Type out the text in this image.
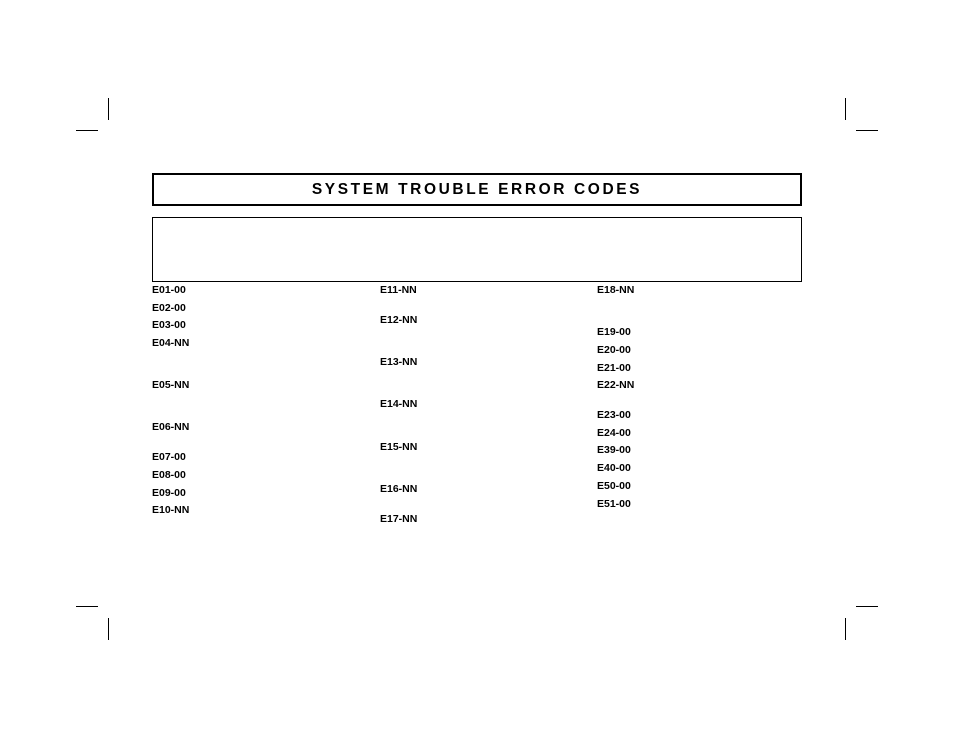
SYSTEM TROUBLE ERROR CODES
E01-00
E02-00
E03-00
E04-NN
E05-NN
E06-NN
E07-00
E08-00
E09-00
E10-NN
E11-NN
E12-NN
E13-NN
E14-NN
E15-NN
E16-NN
E17-NN
E18-NN
E19-00
E20-00
E21-00
E22-NN
E23-00
E24-00
E39-00
E40-00
E50-00
E51-00
